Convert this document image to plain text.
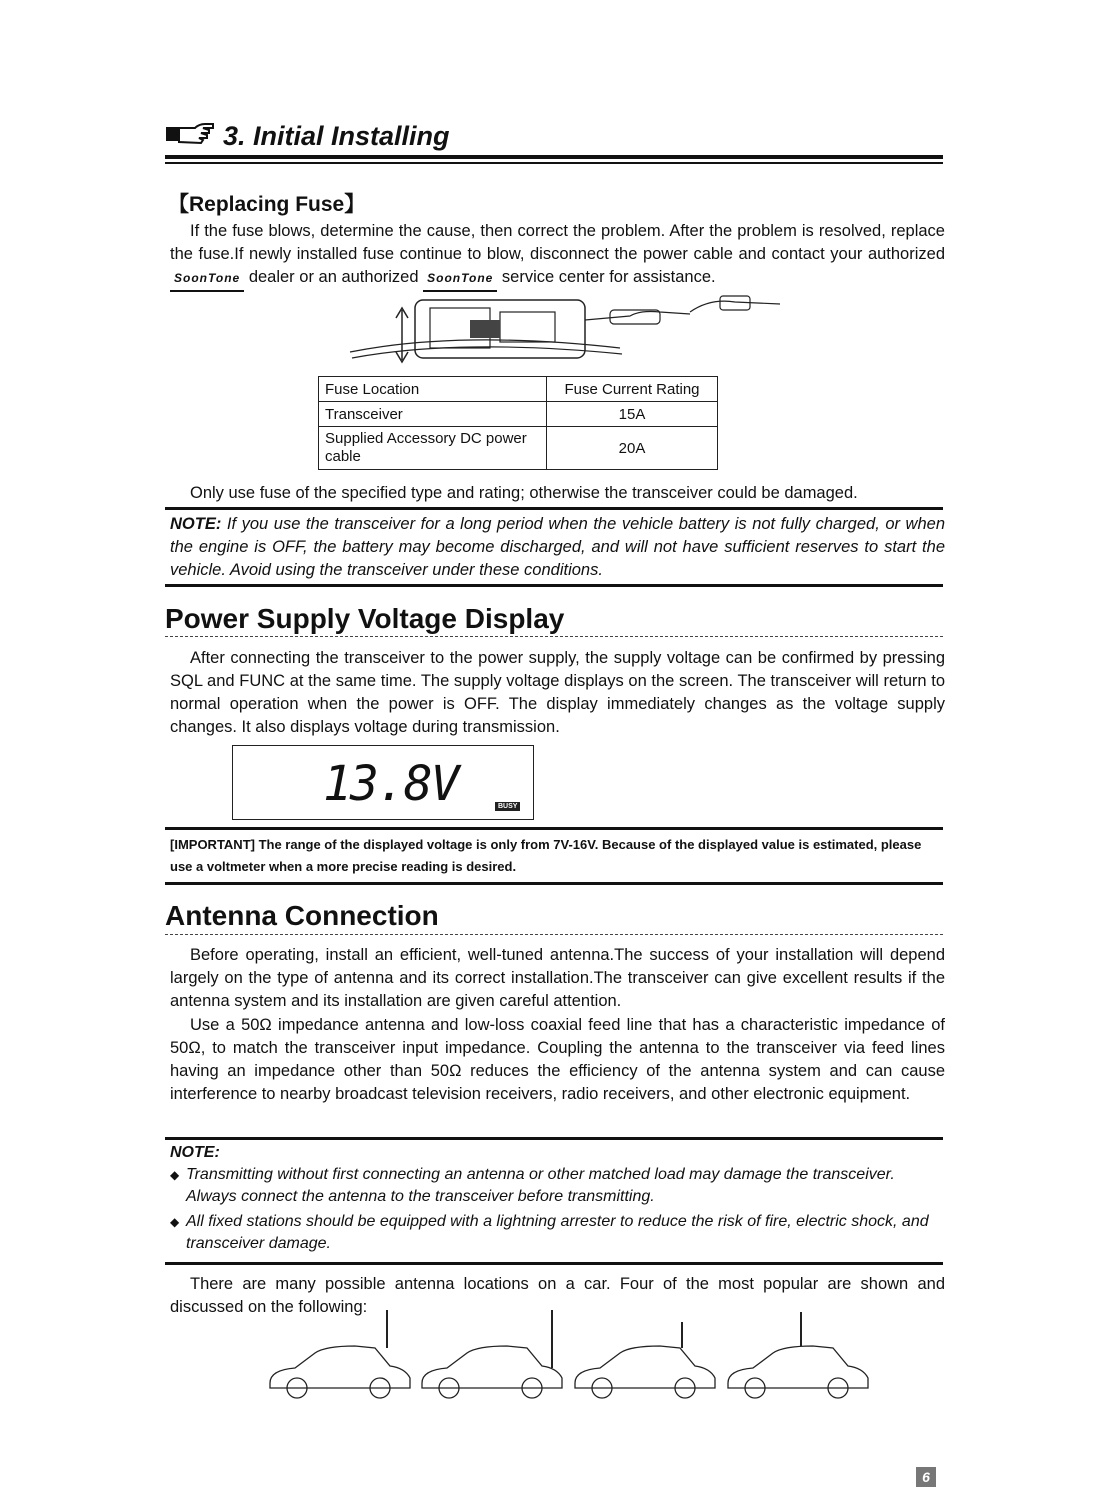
3. Initial Installing
【Replacing Fuse】
If the fuse blows, determine the cause, then correct the problem. After the problem is resolved, replace the fuse.If newly installed fuse continue to blow, disconnect the power cable and contact your authorized SoonTone dealer or an authorized SoonTone service center for assistance.
Fuse Location	Fuse Current Rating
Transceiver	15A
Supplied Accessory DC power cable	20A
Only use fuse of the specified type and rating; otherwise the transceiver could be damaged.
NOTE: If you use the transceiver for a long period when the vehicle battery is not fully charged, or when the engine is OFF, the battery may become discharged, and will not have sufficient reserves to start the vehicle. Avoid using the transceiver under these conditions.
Power Supply Voltage Display
After connecting the transceiver to the power supply, the supply voltage can be confirmed by pressing SQL and FUNC at the same time. The supply voltage displays on the screen. The transceiver will return to normal operation when the power is OFF. The display immediately changes as the voltage supply changes. It also displays voltage during transmission.
13.8V	BUSY
[IMPORTANT] The range of the displayed voltage is only from 7V-16V. Because of the displayed value is estimated, please use a voltmeter when a more precise reading is desired.
Antenna Connection
Before operating, install an efficient, well-tuned antenna.The success of your installation will depend largely on the type of antenna and its correct installation.The transceiver can give excellent results if the antenna system and its installation are given careful attention.
Use a 50Ω impedance antenna and low-loss coaxial feed line that has a characteristic impedance of 50Ω, to match the transceiver input impedance. Coupling the antenna to the transceiver via feed lines having an impedance other than 50Ω reduces the efficiency of the antenna system and can cause interference to nearby broadcast television receivers, radio receivers, and other electronic equipment.
NOTE:
◆ Transmitting without first connecting an antenna or other matched load may damage the transceiver. Always connect the antenna to the transceiver before transmitting.
◆ All fixed stations should be equipped with a lightning arrester to reduce the risk of fire, electric shock, and transceiver damage.
There are many possible antenna locations on a car. Four of the most popular are shown and discussed on the following:
6
